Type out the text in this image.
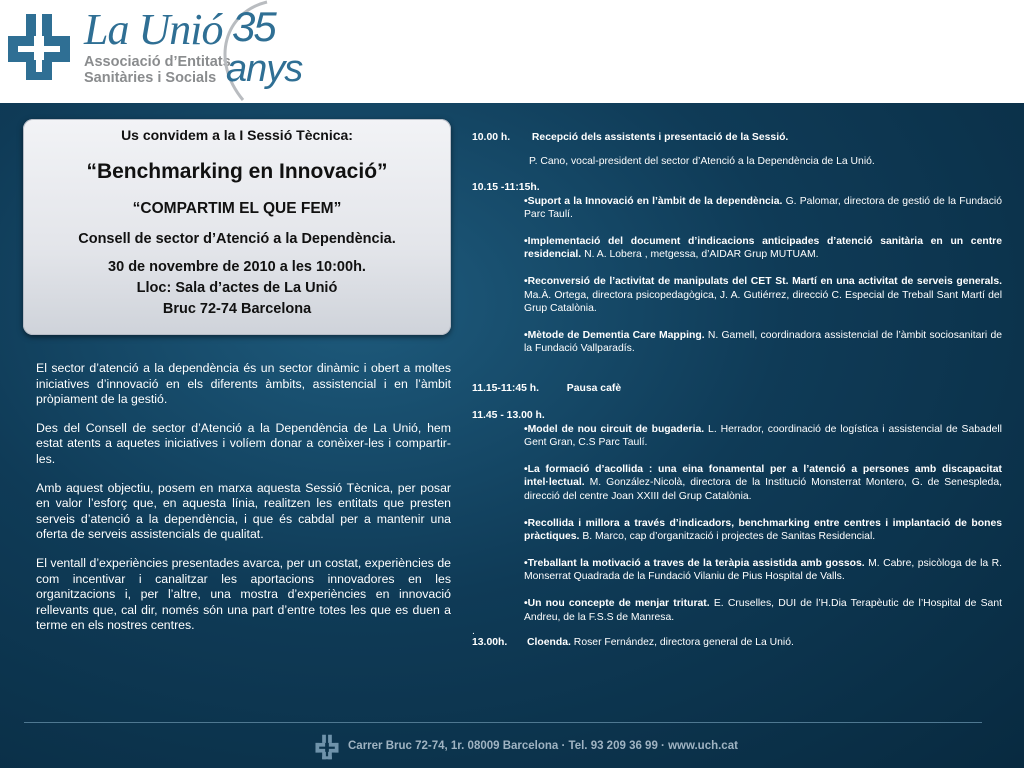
La Unió
Associació d’Entitats
Sanitàries i Socials
35
anys
Us convidem a la I Sessió Tècnica:
“Benchmarking en Innovació”
“COMPARTIM EL QUE FEM”
Consell de sector d’Atenció a la Dependència.
30 de novembre de 2010 a les 10:00h.
Lloc: Sala d’actes de La Unió
Bruc 72-74 Barcelona

El sector d’atenció a la dependència és un sector dinàmic i obert a moltes iniciatives d’innovació en els diferents àmbits, assistencial i en l’àmbit pròpiament de la gestió.

Des del Consell de sector d’Atenció a la Dependència de La Unió, hem estat atents a aquetes iniciatives i volíem donar a conèixer-les i compartir-les.

Amb aquest objectiu, posem en marxa aquesta Sessió Tècnica, per posar en valor l’esforç que, en aquesta línia, realitzen les entitats que presten serveis d’atenció a la dependència, i que és cabdal per a mantenir una oferta de serveis assistencials de qualitat.

El ventall d’experiències presentades avarca, per un costat, experiències de com incentivar i canalitzar les aportacions innovadores en les organitzacions i, per l’altre, una mostra d’experiències en innovació rellevants que, cal dir, només són una part d’entre totes les que es duen a terme en els nostres centres.

10.00 h. Recepció dels assistents i presentació de la Sessió.
P. Cano, vocal-president del sector d’Atenció a la Dependència de La Unió.
10.15 -11:15h.
•Suport a la Innovació en l’àmbit de la dependència. G. Palomar, directora de gestió de la Fundació Parc Taulí.
•Implementació del document d’indicacions anticipades d’atenció sanitària en un centre residencial. N. A. Lobera , metgessa, d’AIDAR Grup MUTUAM.
•Reconversió de l’activitat de manipulats del CET St. Martí en una activitat de serveis generals. Ma.À. Ortega, directora psicopedagògica, J. A. Gutiérrez, direcció C. Especial de Treball Sant Martí del Grup Catalònia.
•Mètode de Dementia Care Mapping. N. Gamell, coordinadora assistencial de l’àmbit sociosanitari de la Fundació Vallparadís.
11.15-11:45 h.	Pausa cafè
11.45 - 13.00 h.
•Model de nou circuit de bugaderia. L. Herrador, coordinació de logística i assistencial de Sabadell Gent Gran, C.S Parc Taulí.
•La formació d’acollida : una eina fonamental per a l’atenció a persones amb discapacitat intel·lectual. M. González-Nicolà, directora de la Institució Monsterrat Montero, G. de Senespleda, direcció del centre Joan XXIII del Grup Catalònia.
•Recollida i millora a través d’indicadors, benchmarking entre centres i implantació de bones pràctiques. B. Marco, cap d’organització i projectes de Sanitas Residencial.
•Treballant la motivació a traves de la teràpia assistida amb gossos. M. Cabre, psicòloga de la R. Monserrat Quadrada de la Fundació Vilaniu de Pius Hospital de Valls.
•Un nou concepte de menjar triturat. E. Cruselles, DUI de l’H.Dia Terapèutic de l’Hospital de Sant Andreu, de la F.S.S de Manresa.
.
13.00h. Cloenda. Roser Fernández, directora general de La Unió.
Carrer Bruc 72-74, 1r. 08009 Barcelona · Tel. 93 209 36 99 · www.uch.cat
